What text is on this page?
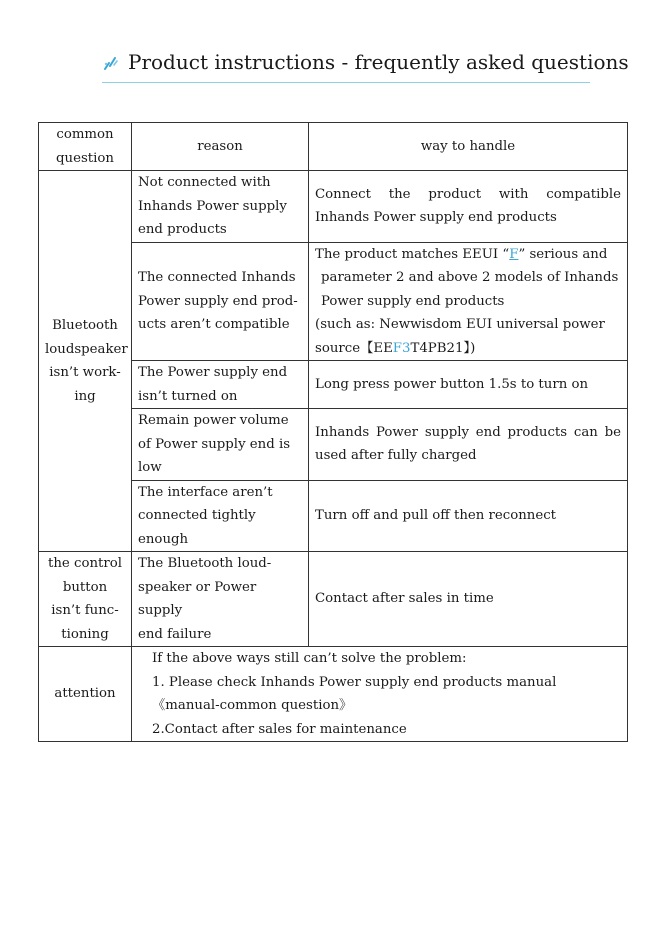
Product instructions - frequently asked questions
common question	reason	way to handle

Bluetooth
loudspeaker
isn’t work-
ing	Not connected with
Inhands Power supply
end products	Connect the product with compatible Inhands Power supply end products

	The connected Inhands
Power supply end prod-
ucts aren’t compatible	The product matches EEUI “F” serious and
parameter 2 and above 2 models of Inhands
Power supply end products
(such as: Newwisdom EUI universal power
source【EEF3T4PB21】)

	The Power supply end
isn’t turned on	Long press power button 1.5s to turn on

	Remain power volume
of Power supply end is
low	Inhands Power supply end products can be used after fully charged

	The interface aren’t
connected tightly
enough	Turn off and pull off then reconnect

the control
button
isn’t func-
tioning	The Bluetooth loud-
speaker or Power supply
end failure	Contact after sales in time
attention	If the above ways still can’t solve the problem:
1. Please check Inhands Power supply end products manual
《manual-common question》
2.Contact after sales for maintenance	
